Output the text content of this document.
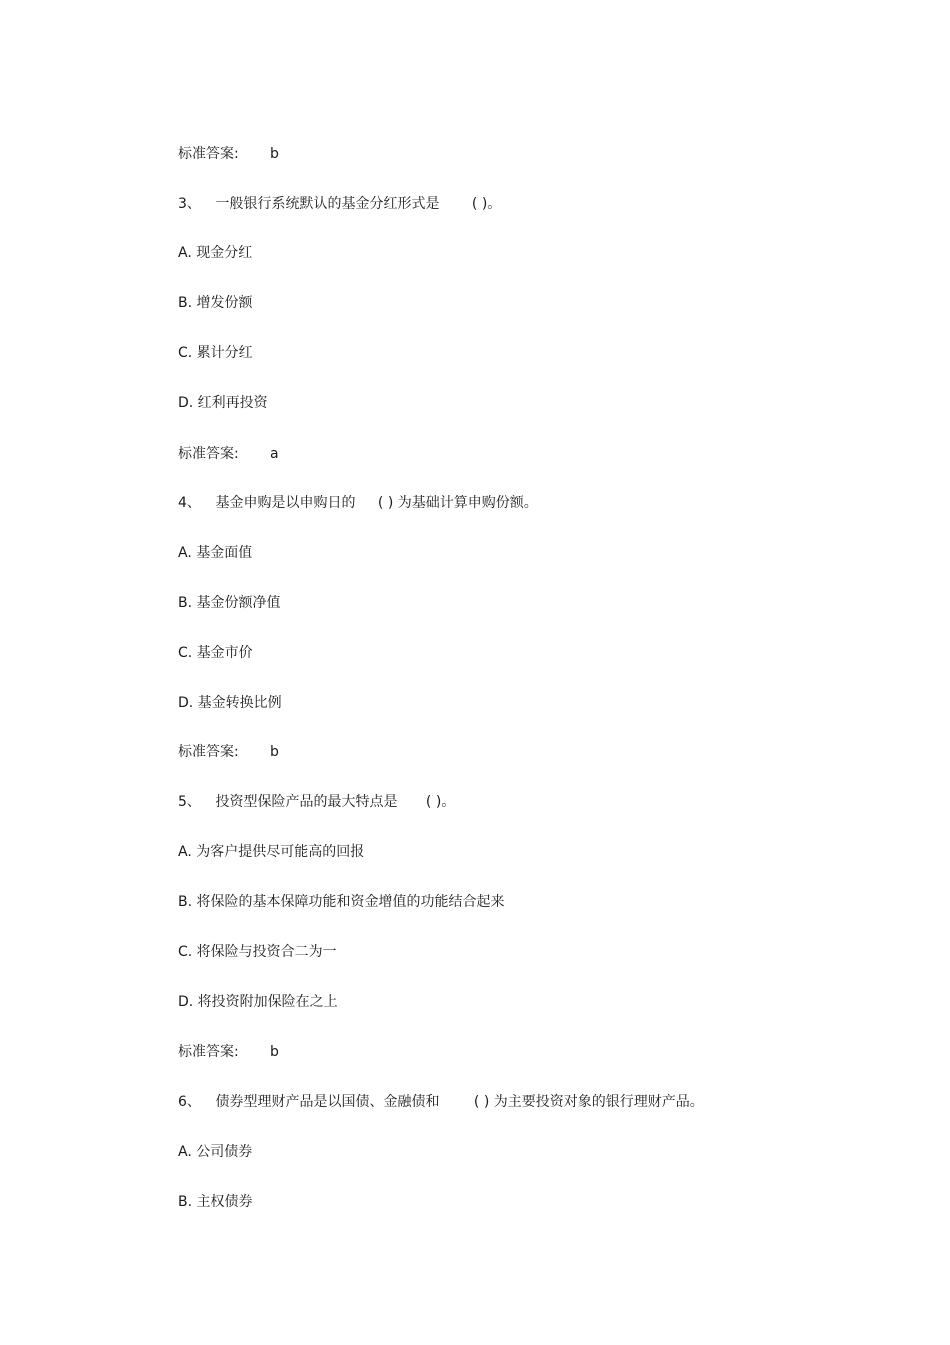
标准答案: b
3、 一般银行系统默认的基金分红形式是 ( )。
A. 现金分红
B. 增发份额
C. 累计分红
D. 红利再投资
标准答案: a
4、 基金申购是以申购日的 ( ) 为基础计算申购份额。
A. 基金面值
B. 基金份额净值
C. 基金市价
D. 基金转换比例
标准答案: b
5、 投资型保险产品的最大特点是 ( )。
A. 为客户提供尽可能高的回报
B. 将保险的基本保障功能和资金增值的功能结合起来
C. 将保险与投资合二为一
D. 将投资附加保险在之上
标准答案: b
6、 债券型理财产品是以国债、金融债和 ( ) 为主要投资对象的银行理财产品。
A. 公司债券
B. 主权债券
